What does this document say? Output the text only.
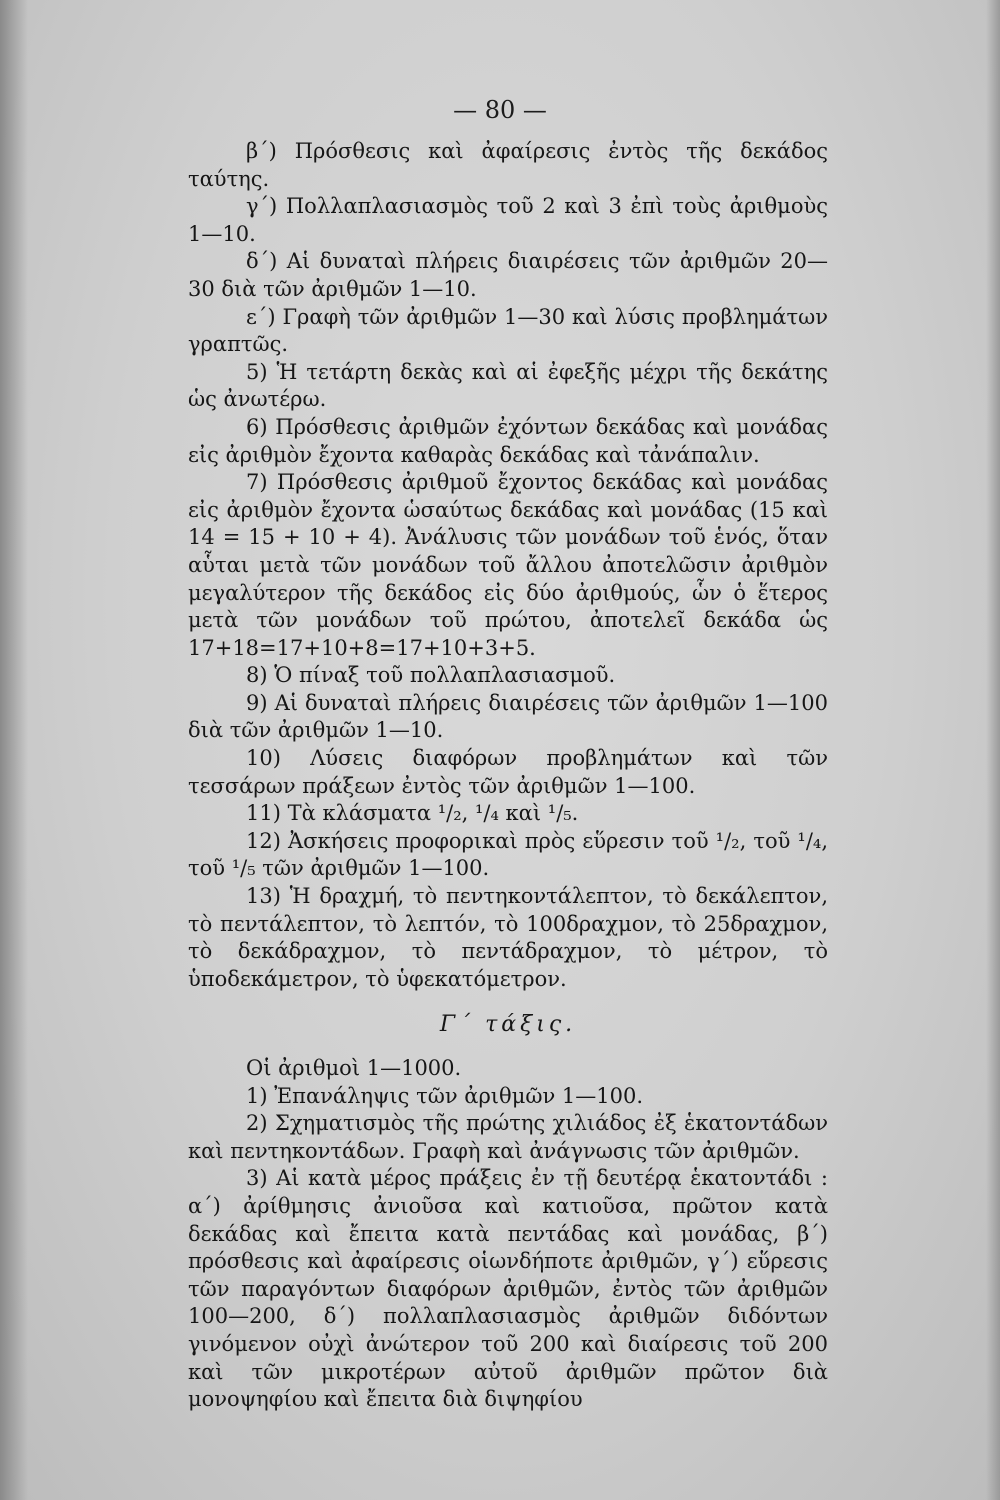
— 80 —

β΄) Πρόσθεσις καὶ ἀφαίρεσις ἐντὸς τῆς δεκάδος ταύτης.

γ΄) Πολλαπλασιασμὸς τοῦ 2 καὶ 3 ἐπὶ τοὺς ἀριθμοὺς 1—10.

δ΄) Αἱ δυναταὶ πλήρεις διαιρέσεις τῶν ἀριθμῶν 20—30 διὰ τῶν ἀριθμῶν 1—10.

ε΄) Γραφὴ τῶν ἀριθμῶν 1—30 καὶ λύσις προβλημάτων γραπτῶς.

5) Ἡ τετάρτη δεκὰς καὶ αἱ ἐφεξῆς μέχρι τῆς δεκάτης ὡς ἀνωτέρω.

6) Πρόσθεσις ἀριθμῶν ἐχόντων δεκάδας καὶ μονάδας εἰς ἀριθμὸν ἔχοντα καθαρὰς δεκάδας καὶ τἀνάπαλιν.

7) Πρόσθεσις ἀριθμοῦ ἔχοντος δεκάδας καὶ μονάδας εἰς ἀριθμὸν ἔχοντα ὡσαύτως δεκάδας καὶ μονάδας (15 καὶ 14 = 15 + 10 + 4). Ἀνάλυσις τῶν μονάδων τοῦ ἑνός, ὅταν αὗται μετὰ τῶν μονάδων τοῦ ἄλλου ἀποτελῶσιν ἀριθμὸν μεγαλύτερον τῆς δεκάδος εἰς δύο ἀριθμούς, ὧν ὁ ἕτερος μετὰ τῶν μονάδων τοῦ πρώτου, ἀποτελεῖ δεκάδα ὡς 17+18=17+10+8=17+10+3+5.

8) Ὁ πίναξ τοῦ πολλαπλασιασμοῦ.

9) Αἱ δυναταὶ πλήρεις διαιρέσεις τῶν ἀριθμῶν 1—100 διὰ τῶν ἀριθμῶν 1—10.

10) Λύσεις διαφόρων προβλημάτων καὶ τῶν τεσσάρων πράξεων ἐντὸς τῶν ἀριθμῶν 1—100.

11) Τὰ κλάσματα ¹/₂, ¹/₄ καὶ ¹/₅.

12) Ἀσκήσεις προφορικαὶ πρὸς εὕρεσιν τοῦ ¹/₂, τοῦ ¹/₄, τοῦ ¹/₅ τῶν ἀριθμῶν 1—100.

13) Ἡ δραχμή, τὸ πεντηκοντάλεπτον, τὸ δεκάλεπτον, τὸ πεντάλεπτον, τὸ λεπτόν, τὸ 100δραχμον, τὸ 25δραχμον, τὸ δεκάδραχμον, τὸ πεντάδραχμον, τὸ μέτρον, τὸ ὑποδεκάμετρον, τὸ ὑφεκατόμετρον.

Γ΄ τάξις.

Οἱ ἀριθμοὶ 1—1000.

1) Ἐπανάληψις τῶν ἀριθμῶν 1—100.

2) Σχηματισμὸς τῆς πρώτης χιλιάδος ἐξ ἑκατοντάδων καὶ πεντηκοντάδων. Γραφὴ καὶ ἀνάγνωσις τῶν ἀριθμῶν.

3) Αἱ κατὰ μέρος πράξεις ἐν τῇ δευτέρᾳ ἑκατοντάδι : α΄) ἀρίθμησις ἀνιοῦσα καὶ κατιοῦσα, πρῶτον κατὰ δεκάδας καὶ ἔπειτα κατὰ πεντάδας καὶ μονάδας, β΄) πρόσθεσις καὶ ἀφαίρεσις οἱωνδήποτε ἀριθμῶν, γ΄) εὕρεσις τῶν παραγόντων διαφόρων ἀριθμῶν, ἐντὸς τῶν ἀριθμῶν 100—200, δ΄) πολλαπλασιασμὸς ἀριθμῶν διδόντων γινόμενον οὐχὶ ἀνώτερον τοῦ 200 καὶ διαίρεσις τοῦ 200 καὶ τῶν μικροτέρων αὐτοῦ ἀριθμῶν πρῶτον διὰ μονοψηφίου καὶ ἔπειτα διὰ διψηφίου
